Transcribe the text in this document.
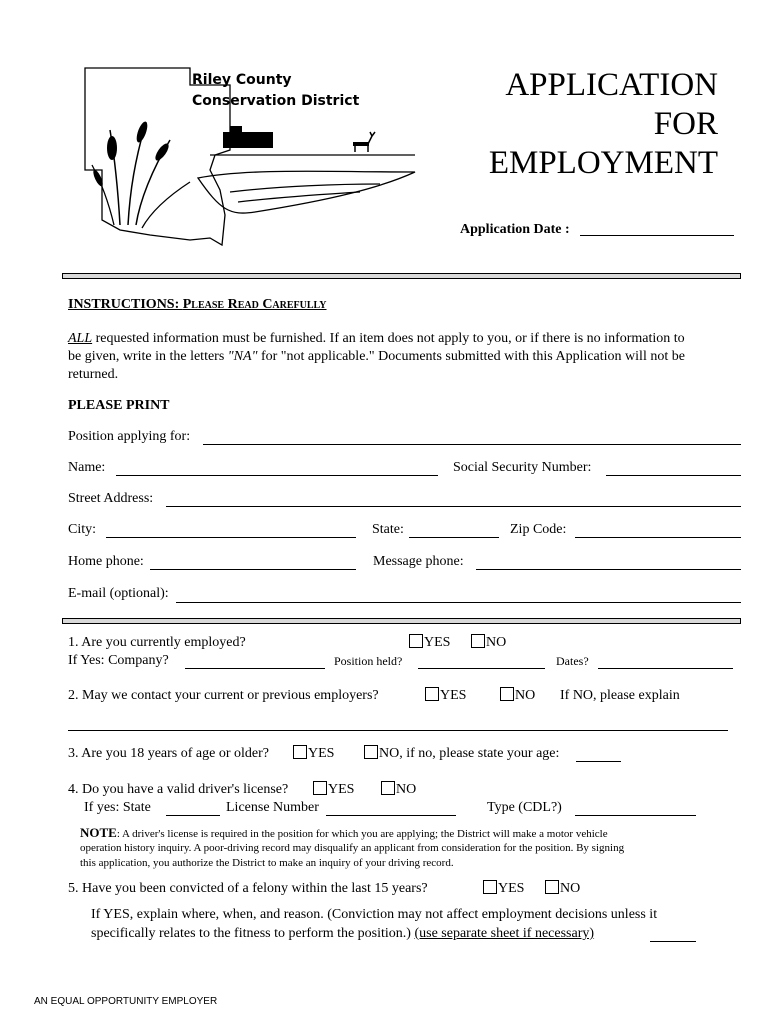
Riley County
Conservation District	APPLICATION
FOR
EMPLOYMENT
Application Date :
INSTRUCTIONS: Please Read Carefully
ALL requested information must be furnished. If an item does not apply to you, or if there is no information to
be given, write in the letters "NA" for "not applicable." Documents submitted with this Application will not be
returned.
PLEASE PRINT
Position applying for:
Name:	Social Security Number:
Street Address:
City:	State:	Zip Code:
Home phone:	Message phone:
E-mail (optional):
1. Are you currently employed?	YES	NO
If Yes: Company?	Position held?	Dates?
2. May we contact your current or previous employers?	YES	NO If NO, please explain
3. Are you 18 years of age or older?	YES	NO, if no, please state your age:
4. Do you have a valid driver's license?	YES	NO
If yes: State	License Number	Type (CDL?)
NOTE: A driver's license is required in the position for which you are applying; the District will make a motor vehicle
operation history inquiry. A poor-driving record may disqualify an applicant from consideration for the position. By signing
this application, you authorize the District to make an inquiry of your driving record.
5. Have you been convicted of a felony within the last 15 years?	YES	NO
If YES, explain where, when, and reason. (Conviction may not affect employment decisions unless it
specifically relates to the fitness to perform the position.) (use separate sheet if necessary)
AN EQUAL OPPORTUNITY EMPLOYER
